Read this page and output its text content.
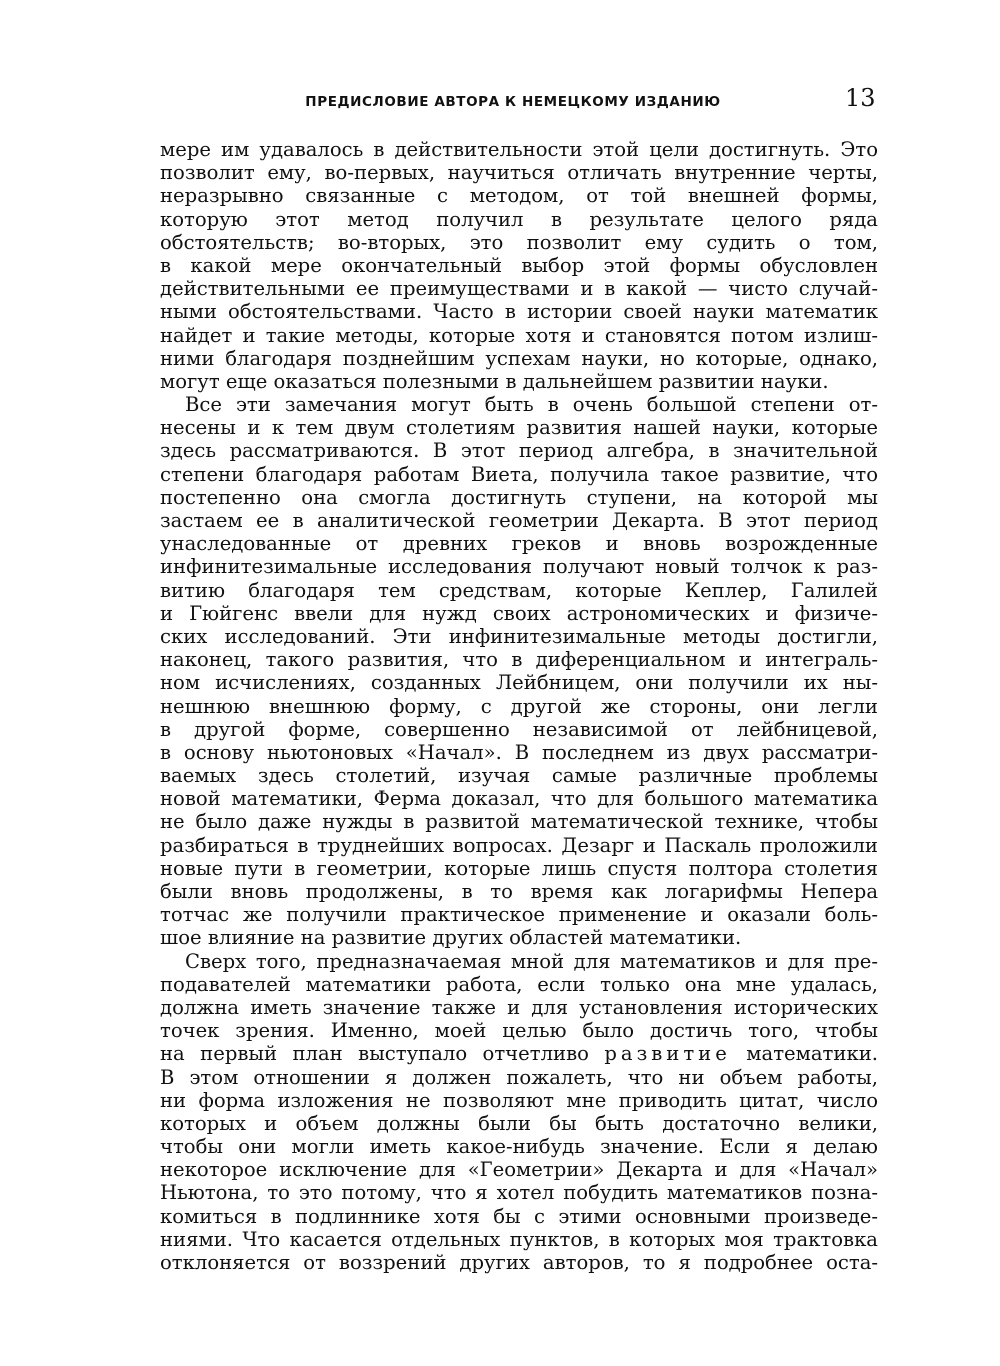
ПРЕДИСЛОВИЕ АВТОРА К НЕМЕЦКОМУ ИЗДАНИЮ	13
мере им удавалось в действительности этой цели достигнуть. Это
позволит ему, во-первых, научиться отличать внутренние черты,
неразрывно связанные с методом, от той внешней формы,
которую этот метод получил в результате целого ряда
обстоятельств; во-вторых, это позволит ему судить о том,
в какой мере окончательный выбор этой формы обусловлен
действительными ее преимуществами и в какой — чисто случай-
ными обстоятельствами. Часто в истории своей науки математик
найдет и такие методы, которые хотя и становятся потом излиш-
ними благодаря позднейшим успехам науки, но которые, однако,
могут еще оказаться полезными в дальнейшем развитии науки.
Все эти замечания могут быть в очень большой степени от-
несены и к тем двум столетиям развития нашей науки, которые
здесь рассматриваются. В этот период алгебра, в значительной
степени благодаря работам Виета, получила такое развитие, что
постепенно она смогла достигнуть ступени, на которой мы
застаем ее в аналитической геометрии Декарта. В этот период
унаследованные от древних греков и вновь возрожденные
инфинитезимальные исследования получают новый толчок к раз-
витию благодаря тем средствам, которые Кеплер, Галилей
и Гюйгенс ввели для нужд своих астрономических и физиче-
ских исследований. Эти инфинитезимальные методы достигли,
наконец, такого развития, что в диференциальном и интеграль-
ном исчислениях, созданных Лейбницем, они получили их ны-
нешнюю внешнюю форму, с другой же стороны, они легли
в другой форме, совершенно независимой от лейбницевой,
в основу ньютоновых «Начал». В последнем из двух рассматри-
ваемых здесь столетий, изучая самые различные проблемы
новой математики, Ферма доказал, что для большого математика
не было даже нужды в развитой математической технике, чтобы
разбираться в труднейших вопросах. Дезарг и Паскаль проложили
новые пути в геометрии, которые лишь спустя полтора столетия
были вновь продолжены, в то время как логарифмы Непера
тотчас же получили практическое применение и оказали боль-
шое влияние на развитие других областей математики.
Сверх того, предназначаемая мной для математиков и для пре-
подавателей математики работа, если только она мне удалась,
должна иметь значение также и для установления исторических
точек зрения. Именно, моей целью было достичь того, чтобы
на первый план выступало отчетливо развитие математики.
В этом отношении я должен пожалеть, что ни объем работы,
ни форма изложения не позволяют мне приводить цитат, число
которых и объем должны были бы быть достаточно велики,
чтобы они могли иметь какое-нибудь значение. Если я делаю
некоторое исключение для «Геометрии» Декарта и для «Начал»
Ньютона, то это потому, что я хотел побудить математиков позна-
комиться в подлиннике хотя бы с этими основными произведе-
ниями. Что касается отдельных пунктов, в которых моя трактовка
отклоняется от воззрений других авторов, то я подробнее оста-
